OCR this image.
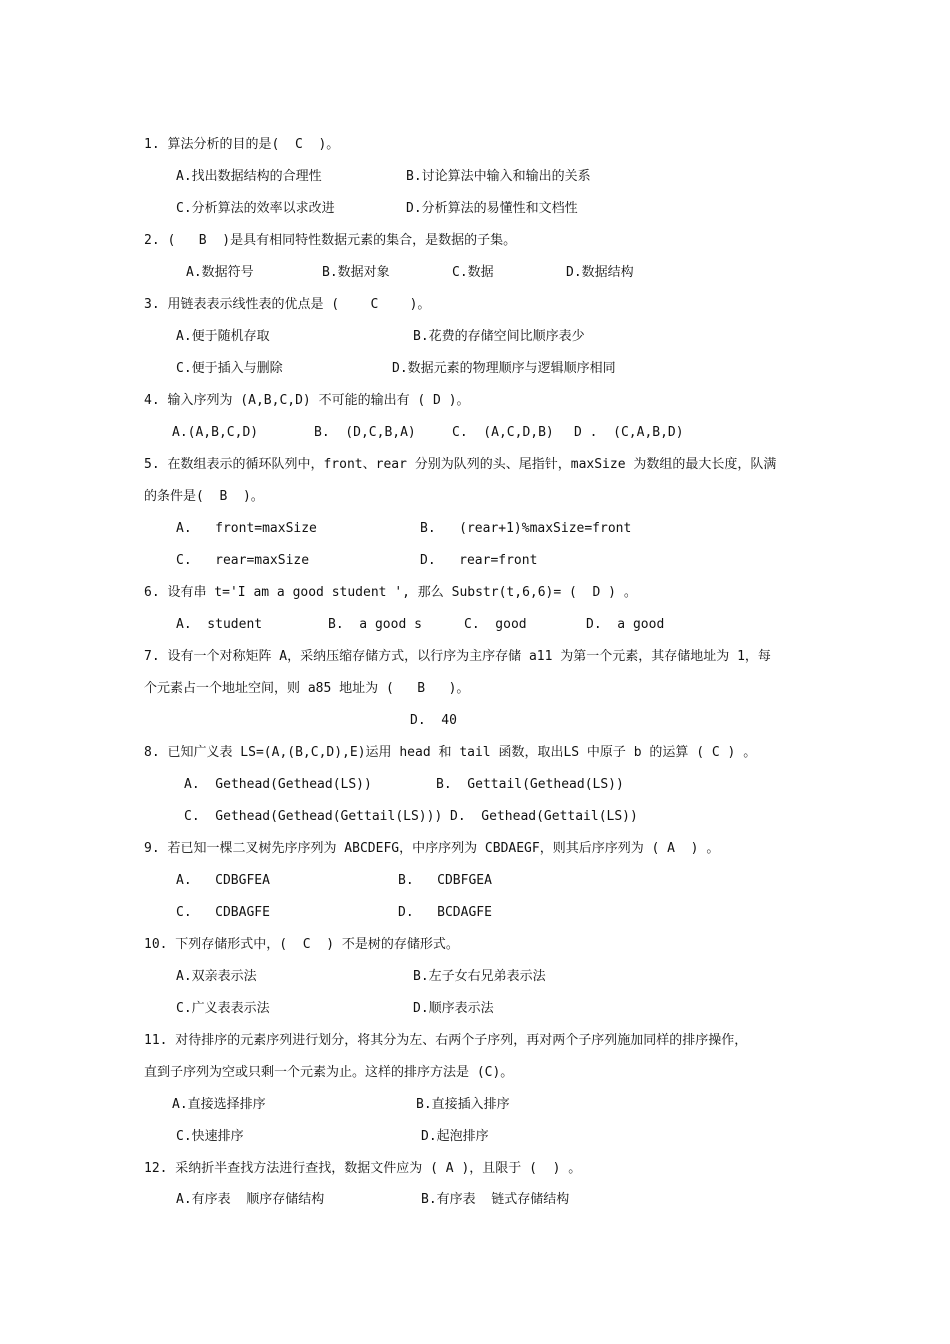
1. 算法分析的目的是(  C  )。
A.找出数据结构的合理性	B.讨论算法中输入和输出的关系
C.分析算法的效率以求改进	D.分析算法的易懂性和文档性
2. (   B  )是具有相同特性数据元素的集合，是数据的子集。
A.数据符号	B.数据对象	C.数据	D.数据结构
3. 用链表表示线性表的优点是 (    C    )。
A.便于随机存取	B.花费的存储空间比顺序表少
C.便于插入与删除	D.数据元素的物理顺序与逻辑顺序相同
4. 输入序列为 (A,B,C,D) 不可能的输出有 ( D )。
A.(A,B,C,D)	B.  (D,C,B,A)	C.  (A,C,D,B) D .  (C,A,B,D)
5. 在数组表示的循环队列中，front、rear 分别为队列的头、尾指针，maxSize 为数组的最大长度，队满
的条件是(  B  )。
A.   front=maxSize	B.   (rear+1)%maxSize=front
C.   rear=maxSize	D.   rear=front
6. 设有串 t='I am a good student ', 那么 Substr(t,6,6)= (  D ) 。
A.  student	B.  a good s	C.  good	D.  a good
7. 设有一个对称矩阵 A，采纳压缩存储方式，以行序为主序存储 a11 为第一个元素，其存储地址为 1，每
个元素占一个地址空间，则 a85 地址为 (   B   )。
D.  40
8. 已知广义表 LS=(A,(B,C,D),E)运用 head 和 tail 函数，取出LS 中原子 b 的运算 ( C ) 。
A.  Gethead(Gethead(LS))	B.  Gettail(Gethead(LS))
C.  Gethead(Gethead(Gettail(LS))) D.  Gethead(Gettail(LS))
9. 若已知一棵二叉树先序序列为 ABCDEFG，中序序列为 CBDAEGF，则其后序序列为 ( A  ) 。
A.   CDBGFEA	B.   CDBFGEA
C.   CDBAGFE	D.   BCDAGFE
10. 下列存储形式中，(  C  ) 不是树的存储形式。
A.双亲表示法	B.左子女右兄弟表示法
C.广义表表示法	D.顺序表示法
11. 对待排序的元素序列进行划分，将其分为左、右两个子序列，再对两个子序列施加同样的排序操作，
直到子序列为空或只剩一个元素为止。这样的排序方法是 (C)。
A.直接选择排序	B.直接插入排序
C.快速排序	D.起泡排序
12. 采纳折半查找方法进行查找，数据文件应为 ( A )，且限于 (  ) 。
A.有序表  顺序存储结构	B.有序表  链式存储结构
